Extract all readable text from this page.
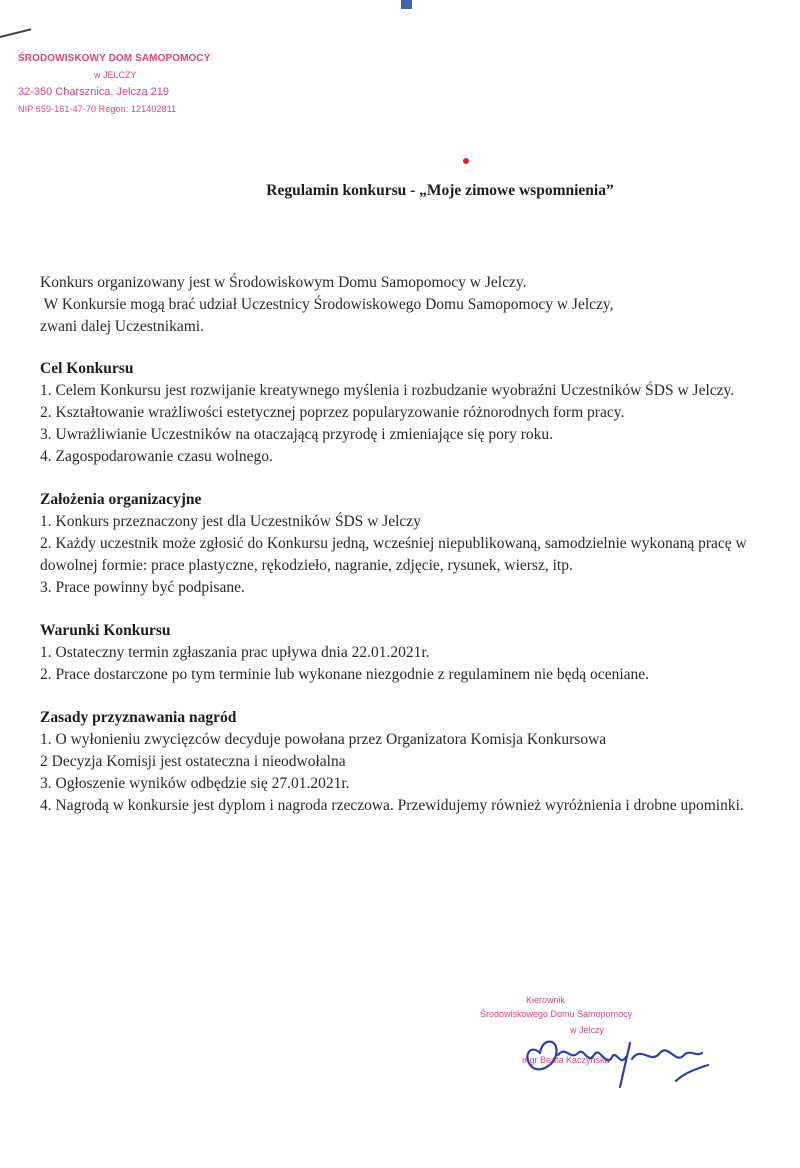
ŚRODOWISKOWY DOM SAMOPOMOCY
w JELCZY
32-350 Charsznica, Jelcza 219
NIP 659-161-47-70 Regon: 121402811
Regulamin konkursu - „Moje zimowe wspomnienia”

Konkurs organizowany jest w Środowiskowym Domu Samopomocy w Jelczy.

W Konkursie mogą brać udział Uczestnicy Środowiskowego Domu Samopomocy w Jelczy,

zwani dalej Uczestnikami.

Cel Konkursu

1. Celem Konkursu jest rozwijanie kreatywnego myślenia i rozbudzanie wyobraźni Uczestników ŚDS w Jelczy.

2. Kształtowanie wrażliwości estetycznej poprzez popularyzowanie różnorodnych form pracy.

3. Uwrażliwianie Uczestników na otaczającą przyrodę i zmieniające się pory roku.

4. Zagospodarowanie czasu wolnego.

Założenia organizacyjne

1. Konkurs przeznaczony jest dla Uczestników ŚDS w Jelczy

2. Każdy uczestnik może zgłosić do Konkursu jedną, wcześniej niepublikowaną, samodzielnie wykonaną pracę w dowolnej formie: prace plastyczne, rękodzieło, nagranie, zdjęcie, rysunek, wiersz, itp.

3. Prace powinny być podpisane.

Warunki Konkursu

1. Ostateczny termin zgłaszania prac upływa dnia 22.01.2021r.

2. Prace dostarczone po tym terminie lub wykonane niezgodnie z regulaminem nie będą oceniane.

Zasady przyznawania nagród

1. O wyłonieniu zwycięzców decyduje powołana przez Organizatora Komisja Konkursowa

2 Decyzja Komisji jest ostateczna i nieodwołalna

3. Ogłoszenie wyników odbędzie się 27.01.2021r.

4. Nagrodą w konkursie jest dyplom i nagroda rzeczowa. Przewidujemy również wyróżnienia i drobne upominki.

Kierownik
Środowiskowego Domu Samopomocy
w Jelczy
mgr Beata Kaczyńska
